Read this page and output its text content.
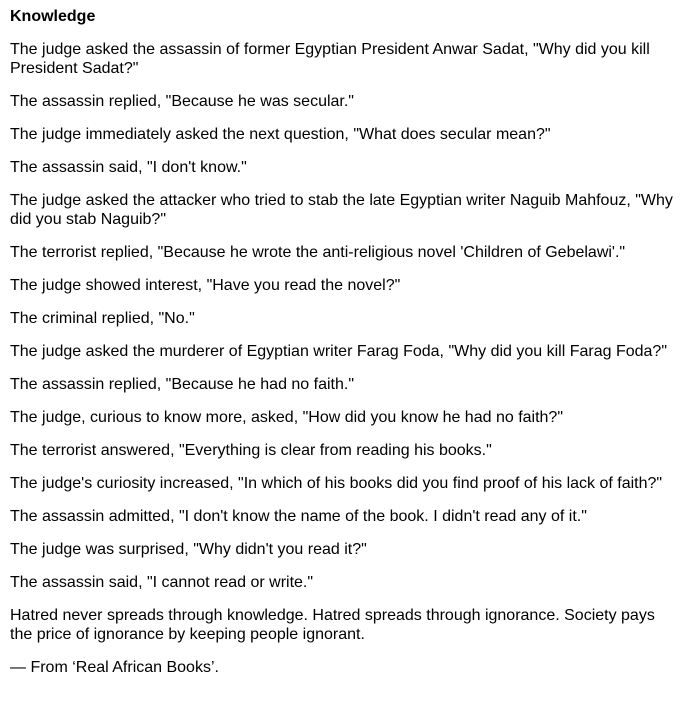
Knowledge
The judge asked the assassin of former Egyptian President Anwar Sadat, "Why did you kill President Sadat?"
The assassin replied, "Because he was secular."
The judge immediately asked the next question, "What does secular mean?"
The assassin said, "I don't know."
The judge asked the attacker who tried to stab the late Egyptian writer Naguib Mahfouz, "Why did you stab Naguib?"
The terrorist replied, "Because he wrote the anti-religious novel 'Children of Gebelawi'."
The judge showed interest, "Have you read the novel?"
The criminal replied, "No."
The judge asked the murderer of Egyptian writer Farag Foda, "Why did you kill Farag Foda?"
The assassin replied, "Because he had no faith."
The judge, curious to know more, asked, "How did you know he had no faith?"
The terrorist answered, "Everything is clear from reading his books."
The judge's curiosity increased, "In which of his books did you find proof of his lack of faith?"
The assassin admitted, "I don't know the name of the book. I didn't read any of it."
The judge was surprised, "Why didn't you read it?"
The assassin said, "I cannot read or write."
Hatred never spreads through knowledge. Hatred spreads through ignorance. Society pays the price of ignorance by keeping people ignorant.
— From ‘Real African Books’.
